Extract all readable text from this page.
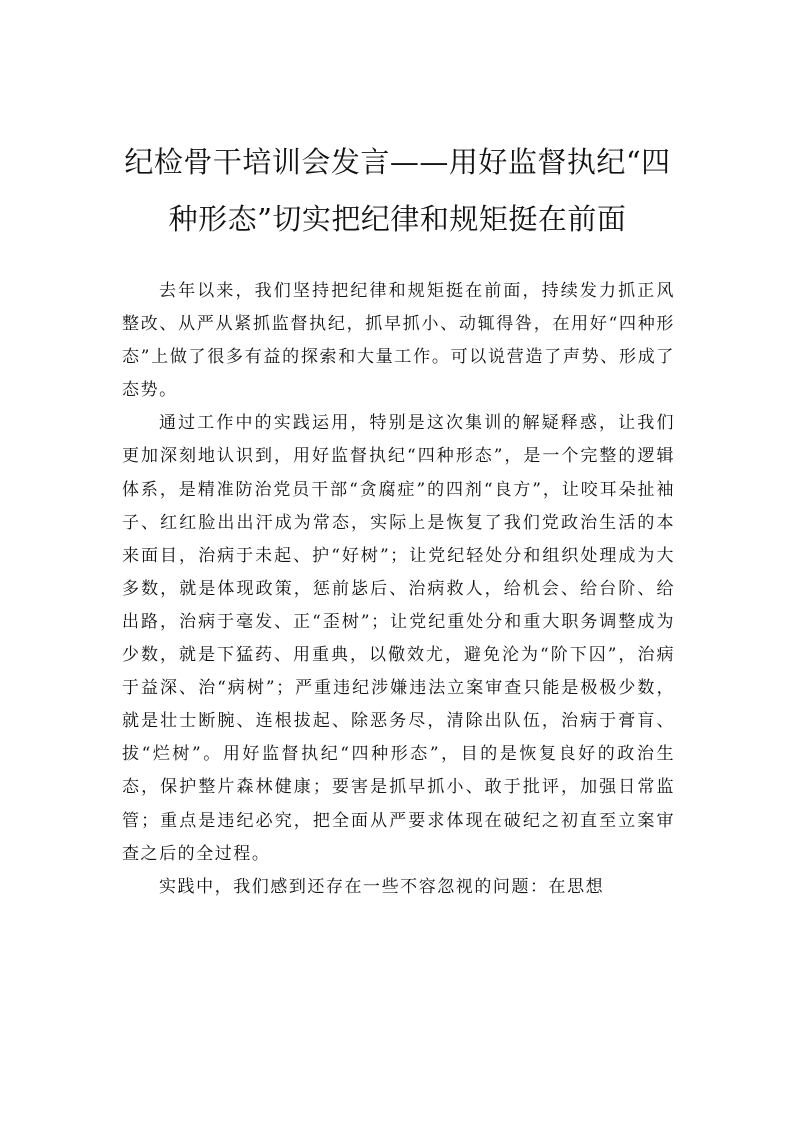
纪检骨干培训会发言——用好监督执纪“四
种形态”切实把纪律和规矩挺在前面

去年以来，我们坚持把纪律和规矩挺在前面，持续发力抓正风整改、从严从紧抓监督执纪，抓早抓小、动辄得咎，在用好“四种形态”上做了很多有益的探索和大量工作。可以说营造了声势、形成了态势。

通过工作中的实践运用，特别是这次集训的解疑释惑，让我们更加深刻地认识到，用好监督执纪“四种形态”，是一个完整的逻辑体系，是精准防治党员干部“贪腐症”的四剂“良方”，让咬耳朵扯袖子、红红脸出出汗成为常态，实际上是恢复了我们党政治生活的本来面目，治病于未起、护“好树”；让党纪轻处分和组织处理成为大多数，就是体现政策，惩前毖后、治病救人，给机会、给台阶、给出路，治病于毫发、正“歪树”；让党纪重处分和重大职务调整成为少数，就是下猛药、用重典，以儆效尤，避免沦为“阶下囚”，治病于益深、治“病树”；严重违纪涉嫌违法立案审查只能是极极少数，就是壮士断腕、连根拔起、除恶务尽，清除出队伍，治病于膏肓、拔“烂树”。用好监督执纪“四种形态”，目的是恢复良好的政治生态，保护整片森林健康；要害是抓早抓小、敢于批评，加强日常监管；重点是违纪必究，把全面从严要求体现在破纪之初直至立案审查之后的全过程。

实践中，我们感到还存在一些不容忽视的问题：在思想
